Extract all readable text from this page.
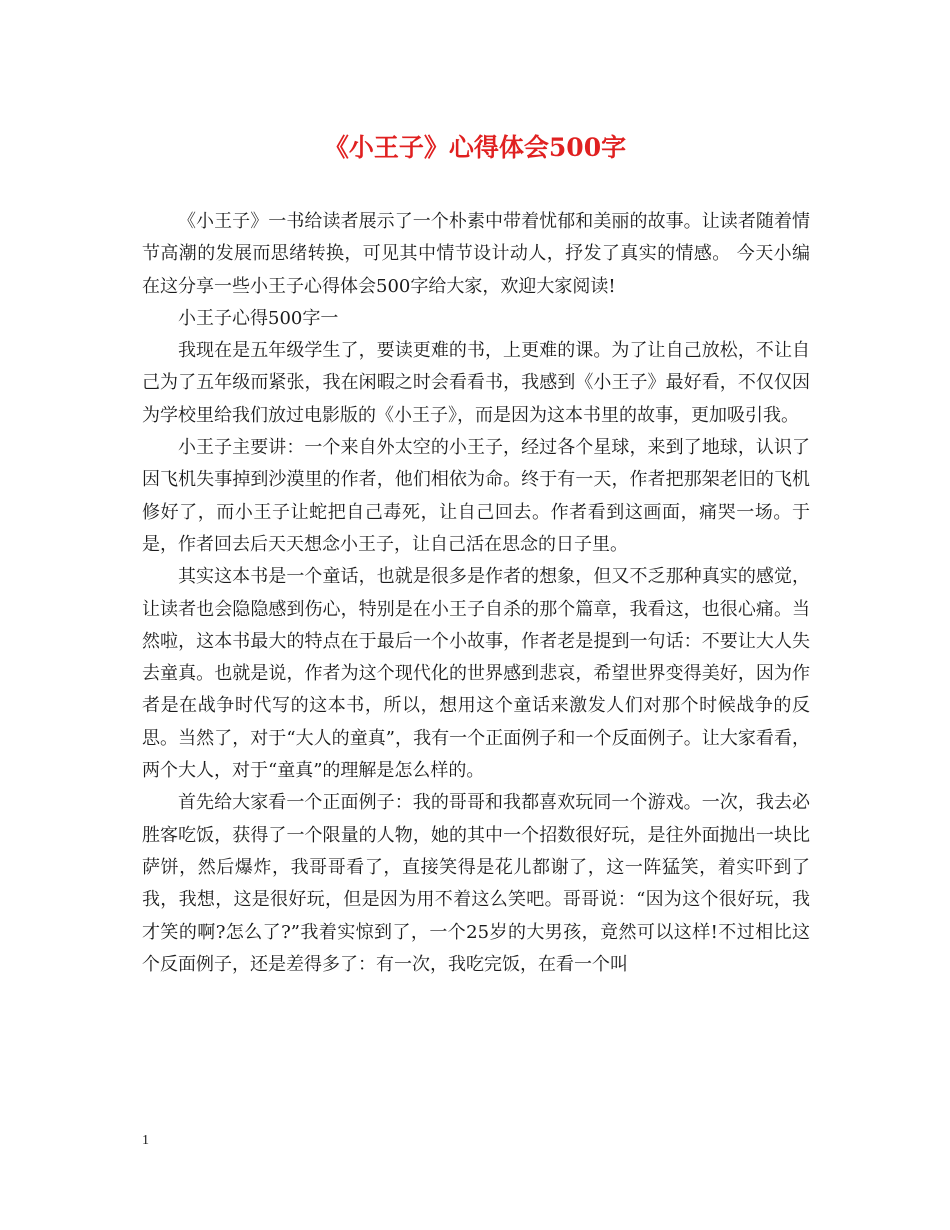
《小王子》心得体会500字

《小王子》一书给读者展示了一个朴素中带着忧郁和美丽的故事。让读者随着情节高潮的发展而思绪转换，可见其中情节设计动人，抒发了真实的情感。 今天小编在这分享一些小王子心得体会500字给大家，欢迎大家阅读!

小王子心得500字一

我现在是五年级学生了，要读更难的书，上更难的课。为了让自己放松，不让自己为了五年级而紧张，我在闲暇之时会看看书，我感到《小王子》最好看，不仅仅因为学校里给我们放过电影版的《小王子》，而是因为这本书里的故事，更加吸引我。

小王子主要讲：一个来自外太空的小王子，经过各个星球，来到了地球，认识了因飞机失事掉到沙漠里的作者，他们相依为命。终于有一天，作者把那架老旧的飞机修好了，而小王子让蛇把自己毒死，让自己回去。作者看到这画面，痛哭一场。于是，作者回去后天天想念小王子，让自己活在思念的日子里。

其实这本书是一个童话，也就是很多是作者的想象，但又不乏那种真实的感觉，让读者也会隐隐感到伤心，特别是在小王子自杀的那个篇章，我看这，也很心痛。当然啦，这本书最大的特点在于最后一个小故事，作者老是提到一句话：不要让大人失去童真。也就是说，作者为这个现代化的世界感到悲哀，希望世界变得美好，因为作者是在战争时代写的这本书，所以，想用这个童话来激发人们对那个时候战争的反思。当然了，对于“大人的童真”，我有一个正面例子和一个反面例子。让大家看看，两个大人，对于“童真”的理解是怎么样的。

首先给大家看一个正面例子：我的哥哥和我都喜欢玩同一个游戏。一次，我去必胜客吃饭，获得了一个限量的人物，她的其中一个招数很好玩，是往外面抛出一块比萨饼，然后爆炸，我哥哥看了，直接笑得是花儿都谢了，这一阵猛笑，着实吓到了我，我想，这是很好玩，但是因为用不着这么笑吧。哥哥说：“因为这个很好玩，我才笑的啊?怎么了?”我着实惊到了，一个25岁的大男孩，竟然可以这样!不过相比这个反面例子，还是差得多了：有一次，我吃完饭，在看一个叫

1
